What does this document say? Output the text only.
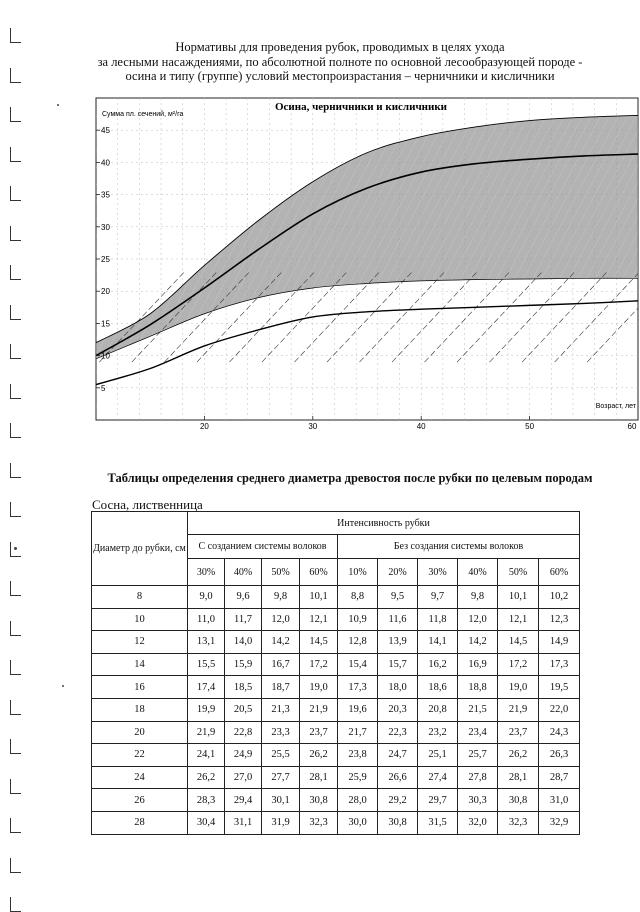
Нормативы для проведения рубок, проводимых в целях ухода
за лесными насаждениями, по абсолютной полноте по основной лесообразующей породе -
осина и типу (группе) условий местопроизрастания – черничники и кисличники
5
10
15
20
25
30
35
40
45
20	30	40	50	60
Осина, черничники и кисличники
Сумма пл. сечений, м²/га
Возраст, лет
Таблицы определения среднего диаметра древостоя после рубки по целевым породам
Сосна, лиственница
Диаметр до рубки, см	Интенсивность рубки									
	С созданием системы волоков				Без создания системы волоков					
	30%	40%	50%	60%	10%	20%	30%	40%	50%	60%
8	9,0	9,6	9,8	10,1	8,8	9,5	9,7	9,8	10,1	10,2
10	11,0	11,7	12,0	12,1	10,9	11,6	11,8	12,0	12,1	12,3
12	13,1	14,0	14,2	14,5	12,8	13,9	14,1	14,2	14,5	14,9
14	15,5	15,9	16,7	17,2	15,4	15,7	16,2	16,9	17,2	17,3
16	17,4	18,5	18,7	19,0	17,3	18,0	18,6	18,8	19,0	19,5
18	19,9	20,5	21,3	21,9	19,6	20,3	20,8	21,5	21,9	22,0
20	21,9	22,8	23,3	23,7	21,7	22,3	23,2	23,4	23,7	24,3
22	24,1	24,9	25,5	26,2	23,8	24,7	25,1	25,7	26,2	26,3
24	26,2	27,0	27,7	28,1	25,9	26,6	27,4	27,8	28,1	28,7
26	28,3	29,4	30,1	30,8	28,0	29,2	29,7	30,3	30,8	31,0
28	30,4	31,1	31,9	32,3	30,0	30,8	31,5	32,0	32,3	32,9
